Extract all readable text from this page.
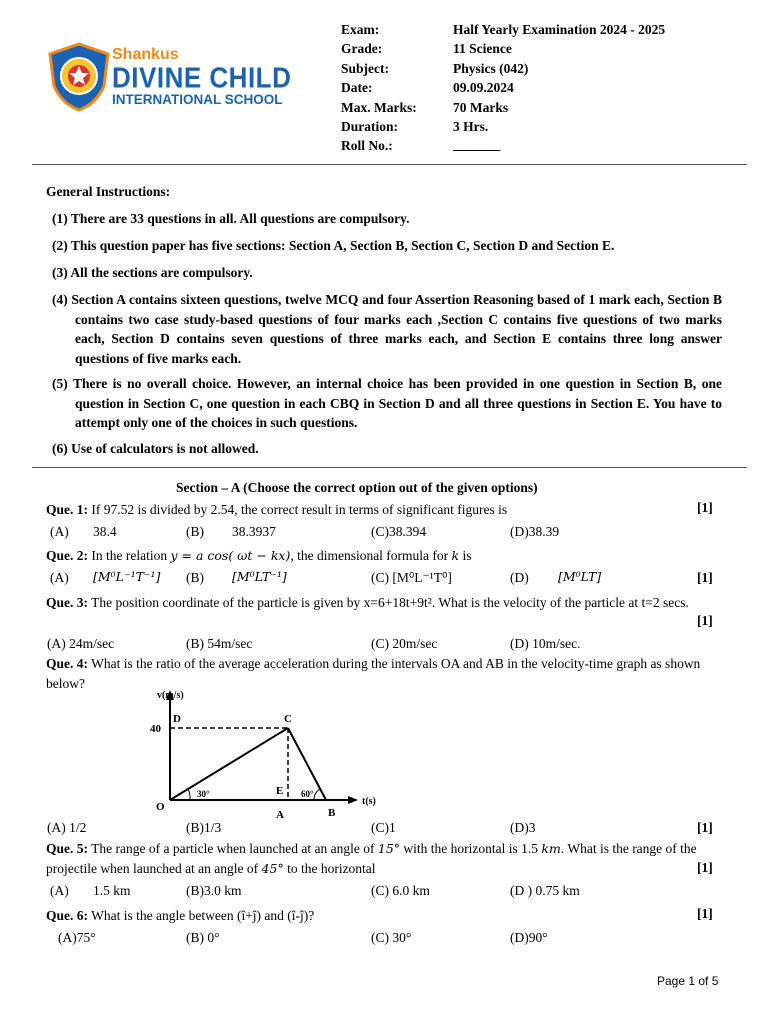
Shankus
DIVINE CHILD
INTERNATIONAL SCHOOL
Exam:	Half Yearly Examination 2024 - 2025
Grade:	11 Science
Subject:	Physics (042)
Date:	09.09.2024
Max. Marks:	70 Marks
Duration:	3 Hrs.
Roll No.:	_______
General Instructions:
(1) There are 33 questions in all. All questions are compulsory.
(2) This question paper has five sections: Section A, Section B, Section C, Section D and Section E.
(3) All the sections are compulsory.
(4) Section A contains sixteen questions, twelve MCQ and four Assertion Reasoning based of 1 mark each, Section B contains two case study-based questions of four marks each ,Section C contains five questions of two marks each, Section D contains seven questions of three marks each, and Section E contains three long answer questions of five marks each.
(5) There is no overall choice. However, an internal choice has been provided in one question in Section B, one question in Section C, one question in each CBQ in Section D and all three questions in Section E. You have to attempt only one of the choices in such questions.
(6) Use of calculators is not allowed.
Section – A (Choose the correct option out of the given options)
Que. 1: If 97.52 is divided by 2.54, the correct result in terms of significant figures is	[1]
(A) 38.4	(B) 38.3937	(C)38.394	(D)38.39
Que. 2: In the relation y = a cos( ωt − kx), the dimensional formula for k is
(A) [M⁰L⁻¹T⁻¹] (B) [M⁰LT⁻¹]	(C) [M⁰L⁻¹T⁰]	(D) [M⁰LT]	[1]
Que. 3: The position coordinate of the particle is given by x=6+18t+9t². What is the velocity of the particle at t=2 secs.
[1]
(A) 24m/sec	(B) 54m/sec	(C) 20m/sec	(D) 10m/sec.
Que. 4: What is the ratio of the average acceleration during the intervals OA and AB in the velocity-time graph as shown below?
v(m/s)
t(s)
40
D	C
O
A	B
E
30°	60°
(A) 1/2	(B)1/3	(C)1	(D)3	[1]
Que. 5: The range of a particle when launched at an angle of 15° with the horizontal is 1.5 km. What is the range of the projectile when launched at an angle of 45° to the horizontal	[1]
(A) 1.5 km	(B)3.0 km	(C) 6.0 km	(D ) 0.75 km
Que. 6: What is the angle between (î+ĵ) and (î-ĵ)?	[1]
(A)75°	(B) 0°	(C) 30°	(D)90°
Page 1 of 5
